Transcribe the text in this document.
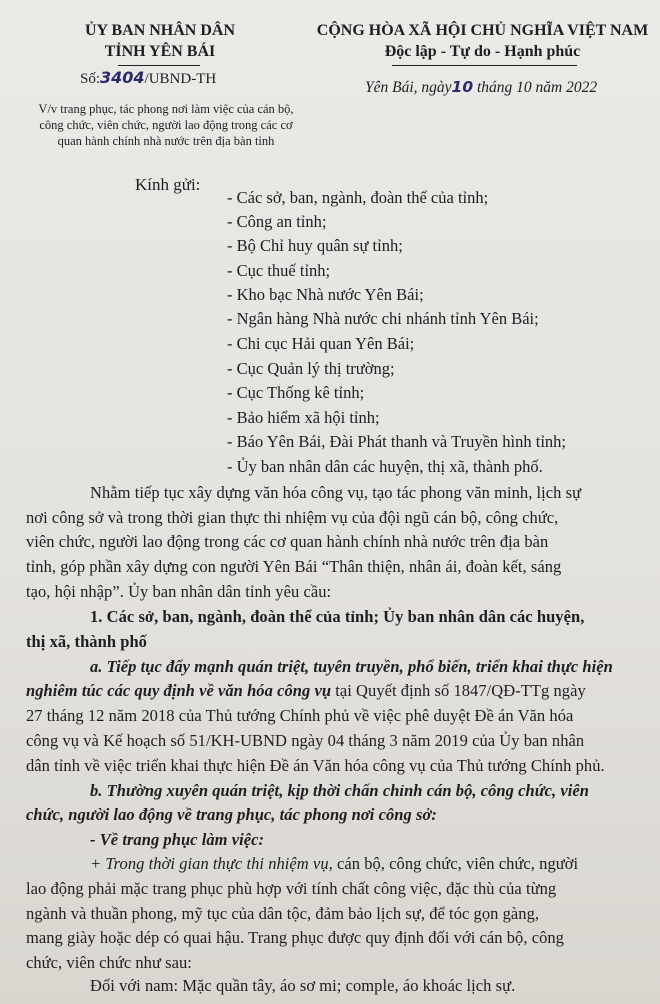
ỦY BAN NHÂN DÂN

TỈNH YÊN BÁI

Số:3404/UBND-TH

CỘNG HÒA XÃ HỘI CHỦ NGHĨA VIỆT NAM

Độc lập - Tự do - Hạnh phúc

Yên Bái, ngày10 tháng 10 năm 2022

V/v trang phục, tác phong nơi làm việc của cán bộ,

công chức, viên chức, người lao động trong các cơ

quan hành chính nhà nước trên địa bàn tỉnh

Kính gửi:

- Các sở, ban, ngành, đoàn thể của tỉnh;

- Công an tỉnh;

- Bộ Chỉ huy quân sự tỉnh;

- Cục thuế tỉnh;

- Kho bạc Nhà nước Yên Bái;

- Ngân hàng Nhà nước chi nhánh tỉnh Yên Bái;

- Chi cục Hải quan Yên Bái;

- Cục Quản lý thị trường;

- Cục Thống kê tỉnh;

- Bảo hiểm xã hội tỉnh;

- Báo Yên Bái, Đài Phát thanh và Truyền hình tỉnh;

- Ủy ban nhân dân các huyện, thị xã, thành phố.

Nhằm tiếp tục xây dựng văn hóa công vụ, tạo tác phong văn minh, lịch sự

nơi công sở và trong thời gian thực thi nhiệm vụ của đội ngũ cán bộ, công chức,

viên chức, người lao động trong các cơ quan hành chính nhà nước trên địa bàn

tỉnh, góp phần xây dựng con người Yên Bái “Thân thiện, nhân ái, đoàn kết, sáng

tạo, hội nhập”. Ủy ban nhân dân tỉnh yêu cầu:

1. Các sở, ban, ngành, đoàn thể của tỉnh; Ủy ban nhân dân các huyện,

thị xã, thành phố

a. Tiếp tục đẩy mạnh quán triệt, tuyên truyền, phổ biến, triển khai thực hiện

nghiêm túc các quy định về văn hóa công vụ tại Quyết định số 1847/QĐ-TTg ngày

27 tháng 12 năm 2018 của Thủ tướng Chính phủ về việc phê duyệt Đề án Văn hóa

công vụ và Kế hoạch số 51/KH-UBND ngày 04 tháng 3 năm 2019 của Ủy ban nhân

dân tỉnh về việc triển khai thực hiện Đề án Văn hóa công vụ của Thủ tướng Chính phủ.

b. Thường xuyên quán triệt, kịp thời chấn chỉnh cán bộ, công chức, viên

chức, người lao động về trang phục, tác phong nơi công sở:

- Về trang phục làm việc:

+ Trong thời gian thực thi nhiệm vụ, cán bộ, công chức, viên chức, người

lao động phải mặc trang phục phù hợp với tính chất công việc, đặc thù của từng

ngành và thuần phong, mỹ tục của dân tộc, đảm bảo lịch sự, để tóc gọn gàng,

mang giày hoặc dép có quai hậu. Trang phục được quy định đối với cán bộ, công

chức, viên chức như sau:

Đối với nam: Mặc quần tây, áo sơ mi; comple, áo khoác lịch sự.
